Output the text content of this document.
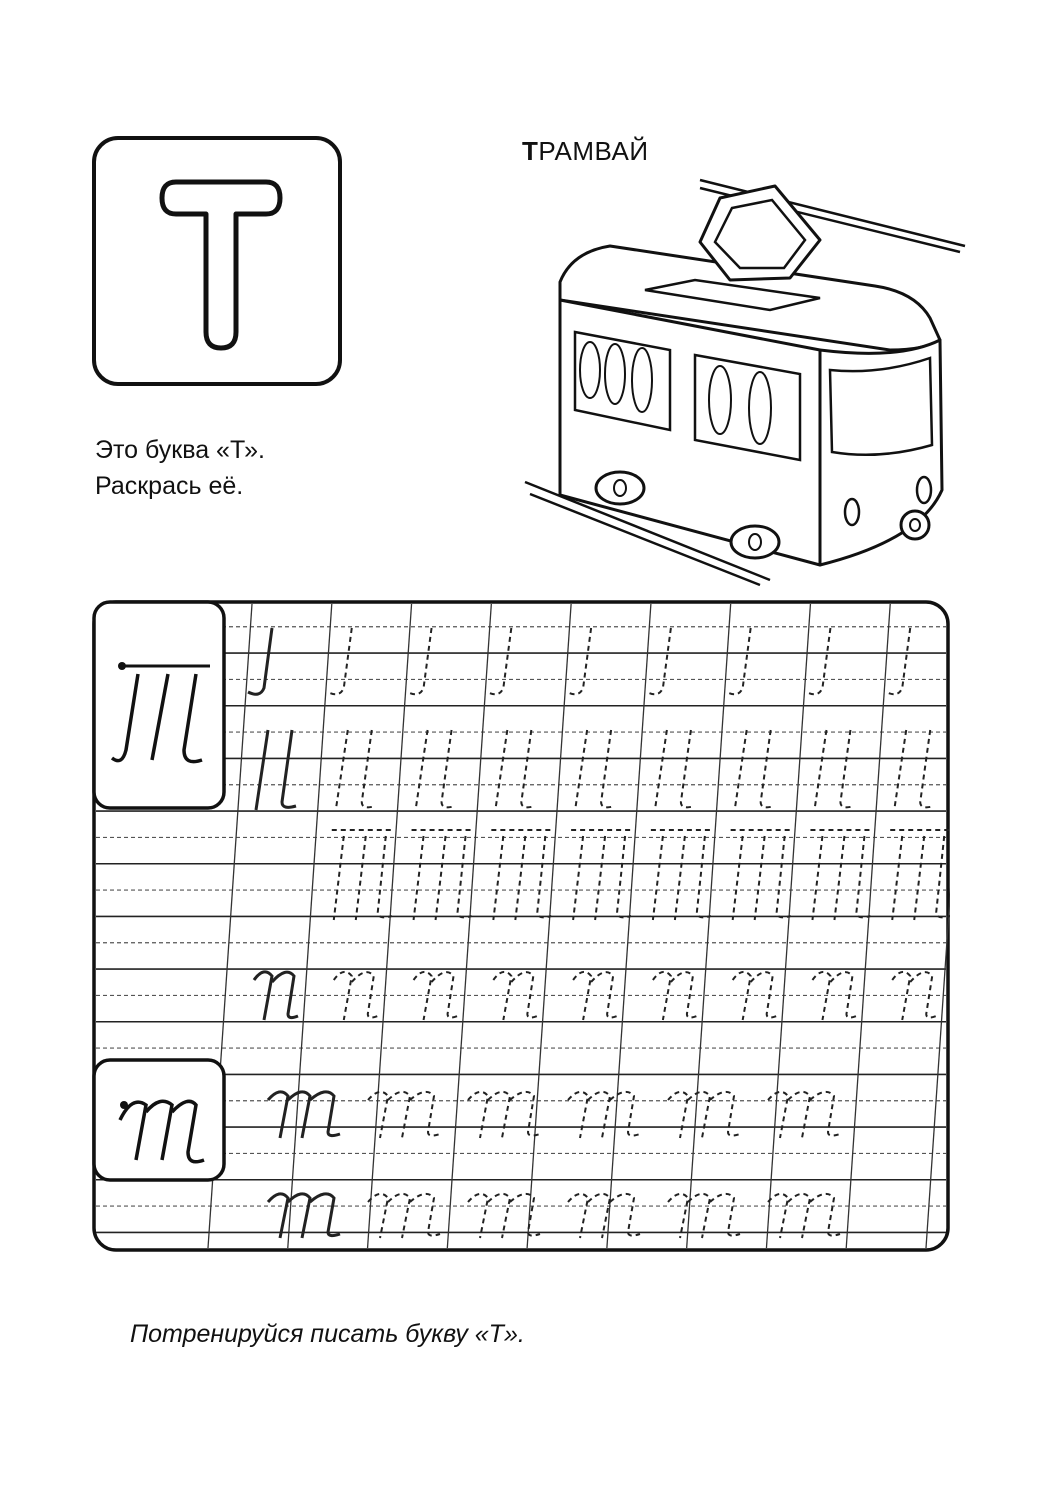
Это буква «Т».
Раскрась её.
ТРАМВАЙ
Потренируйся писать букву «Т».
